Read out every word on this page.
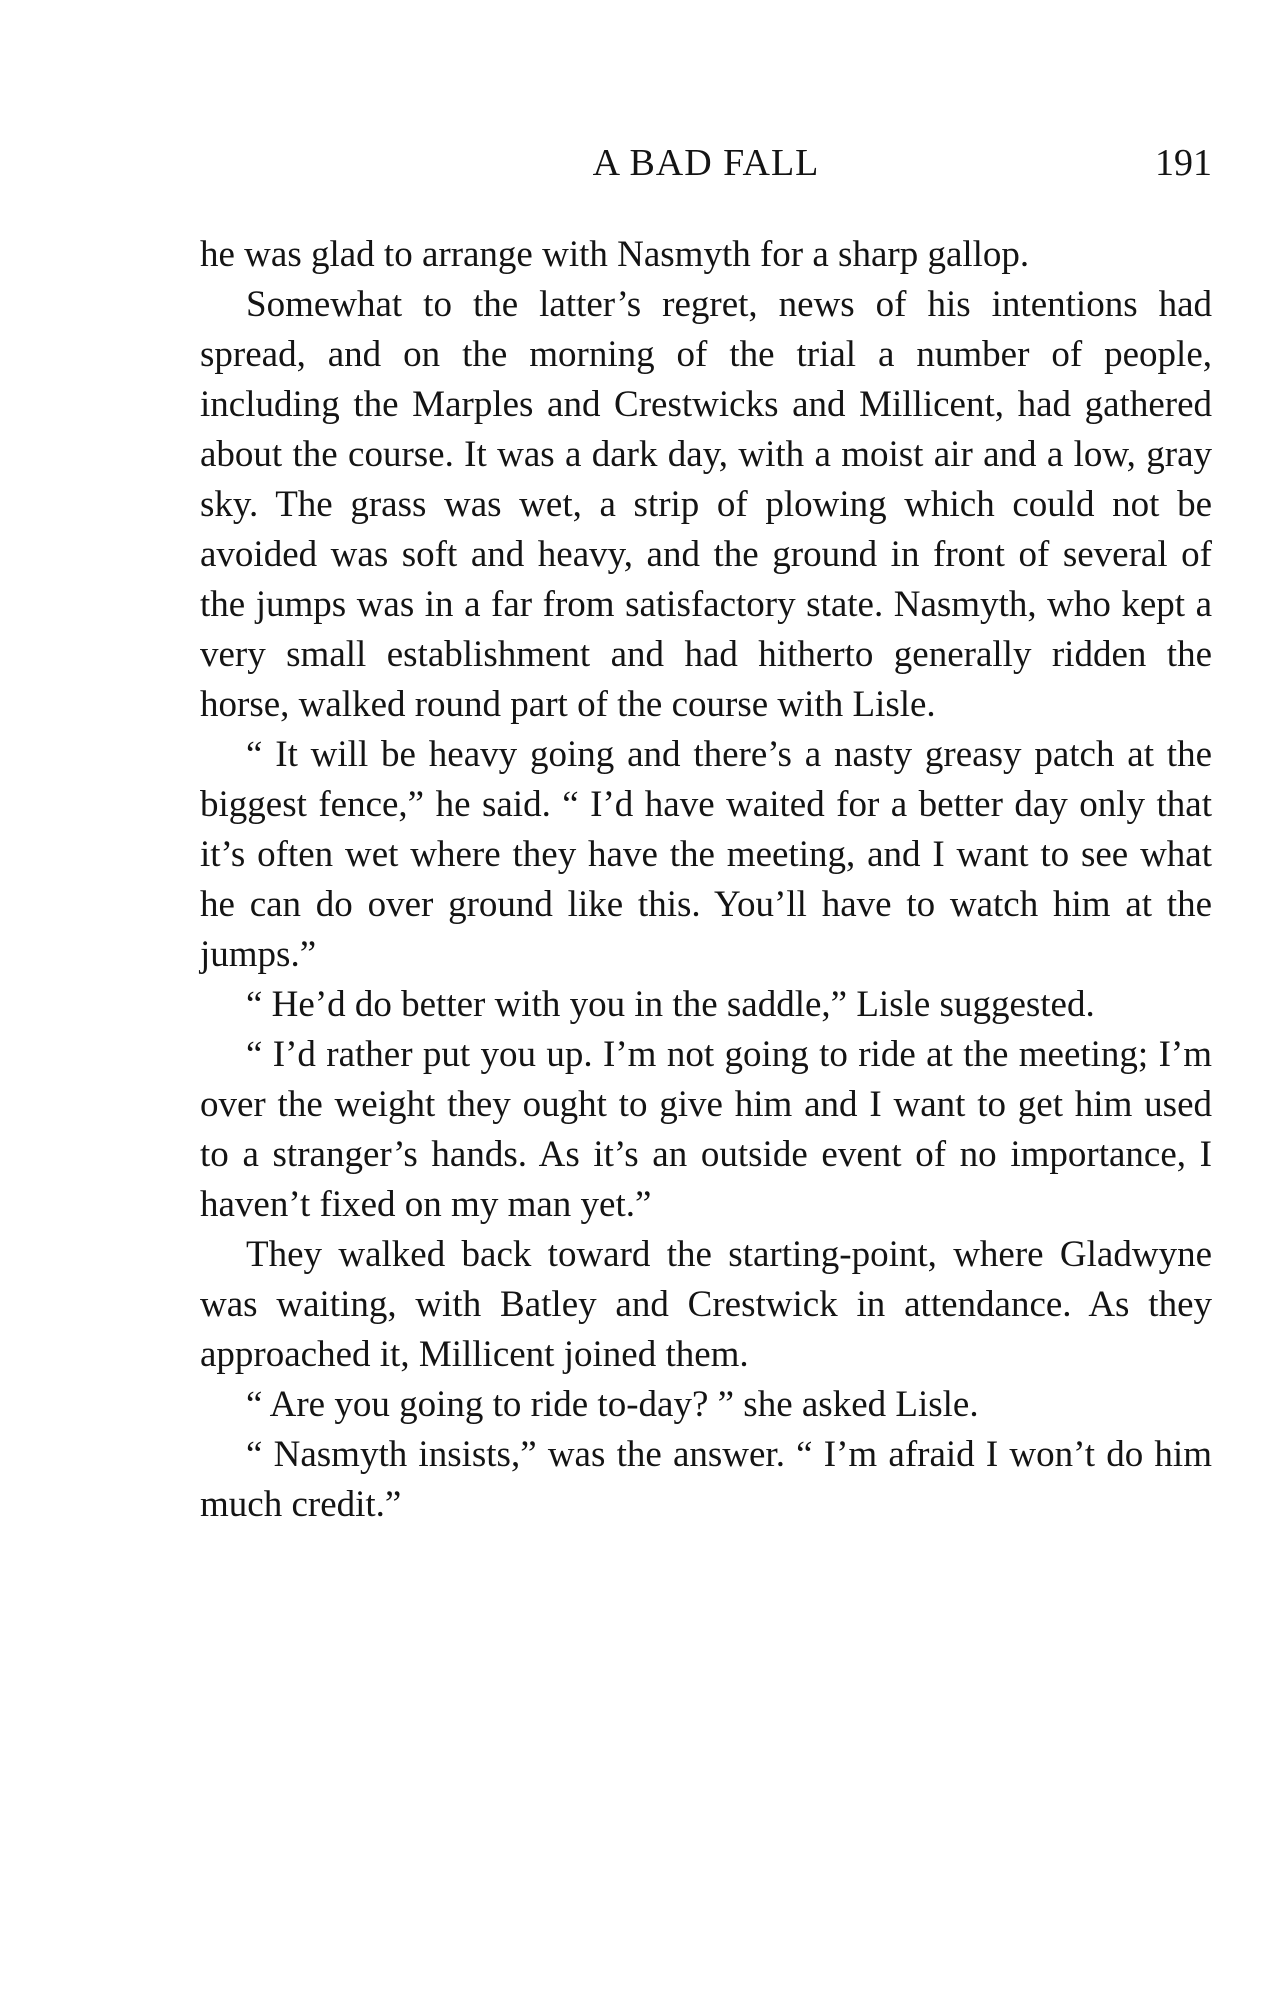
A BAD FALL	191

he was glad to arrange with Nasmyth for a sharp gallop.

Somewhat to the latter’s regret, news of his intentions had spread, and on the morning of the trial a number of people, including the Marples and Crestwicks and Millicent, had gathered about the course. It was a dark day, with a moist air and a low, gray sky. The grass was wet, a strip of plowing which could not be avoided was soft and heavy, and the ground in front of several of the jumps was in a far from satisfactory state. Nasmyth, who kept a very small establishment and had hitherto generally ridden the horse, walked round part of the course with Lisle.

“ It will be heavy going and there’s a nasty greasy patch at the biggest fence,” he said. “ I’d have waited for a better day only that it’s often wet where they have the meeting, and I want to see what he can do over ground like this. You’ll have to watch him at the jumps.”

“ He’d do better with you in the saddle,” Lisle suggested.

“ I’d rather put you up. I’m not going to ride at the meeting; I’m over the weight they ought to give him and I want to get him used to a stranger’s hands. As it’s an outside event of no importance, I haven’t fixed on my man yet.”

They walked back toward the starting-point, where Gladwyne was waiting, with Batley and Crestwick in attendance. As they approached it, Millicent joined them.

“ Are you going to ride to-day? ” she asked Lisle.

“ Nasmyth insists,” was the answer. “ I’m afraid I won’t do him much credit.”
